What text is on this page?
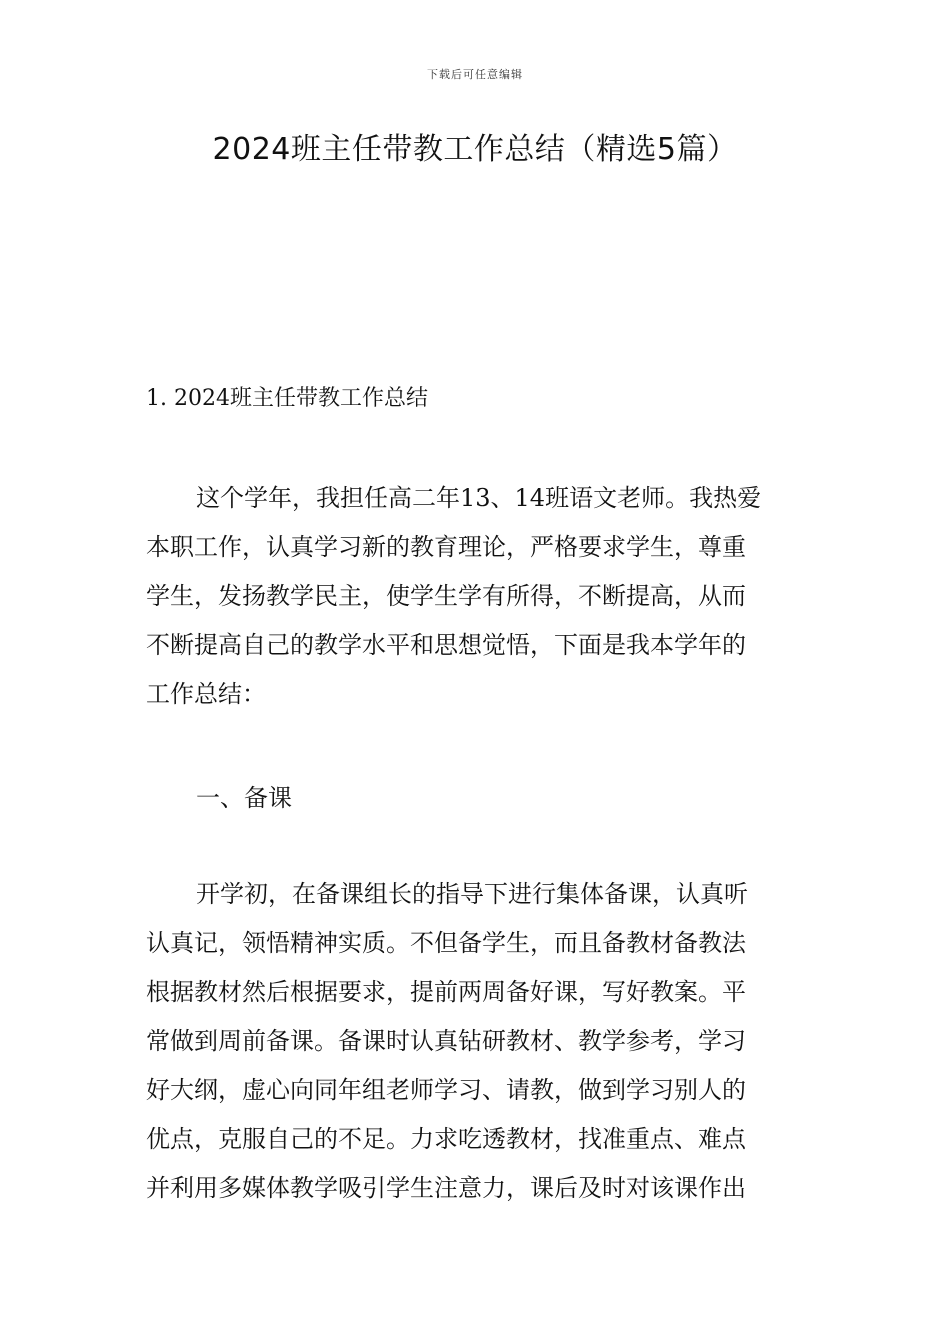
下载后可任意编辑
2024班主任带教工作总结（精选5篇）
1. 2024班主任带教工作总结
这个学年，我担任高二年13、14班语文老师。我热爱
本职工作，认真学习新的教育理论，严格要求学生，尊重
学生，发扬教学民主，使学生学有所得，不断提高，从而
不断提高自己的教学水平和思想觉悟，下面是我本学年的
工作总结：
一、备课
开学初，在备课组长的指导下进行集体备课，认真听
认真记，领悟精神实质。不但备学生，而且备教材备教法
根据教材然后根据要求，提前两周备好课，写好教案。平
常做到周前备课。备课时认真钻研教材、教学参考，学习
好大纲，虚心向同年组老师学习、请教，做到学习别人的
优点，克服自己的不足。力求吃透教材，找准重点、难点
并利用多媒体教学吸引学生注意力，课后及时对该课作出
